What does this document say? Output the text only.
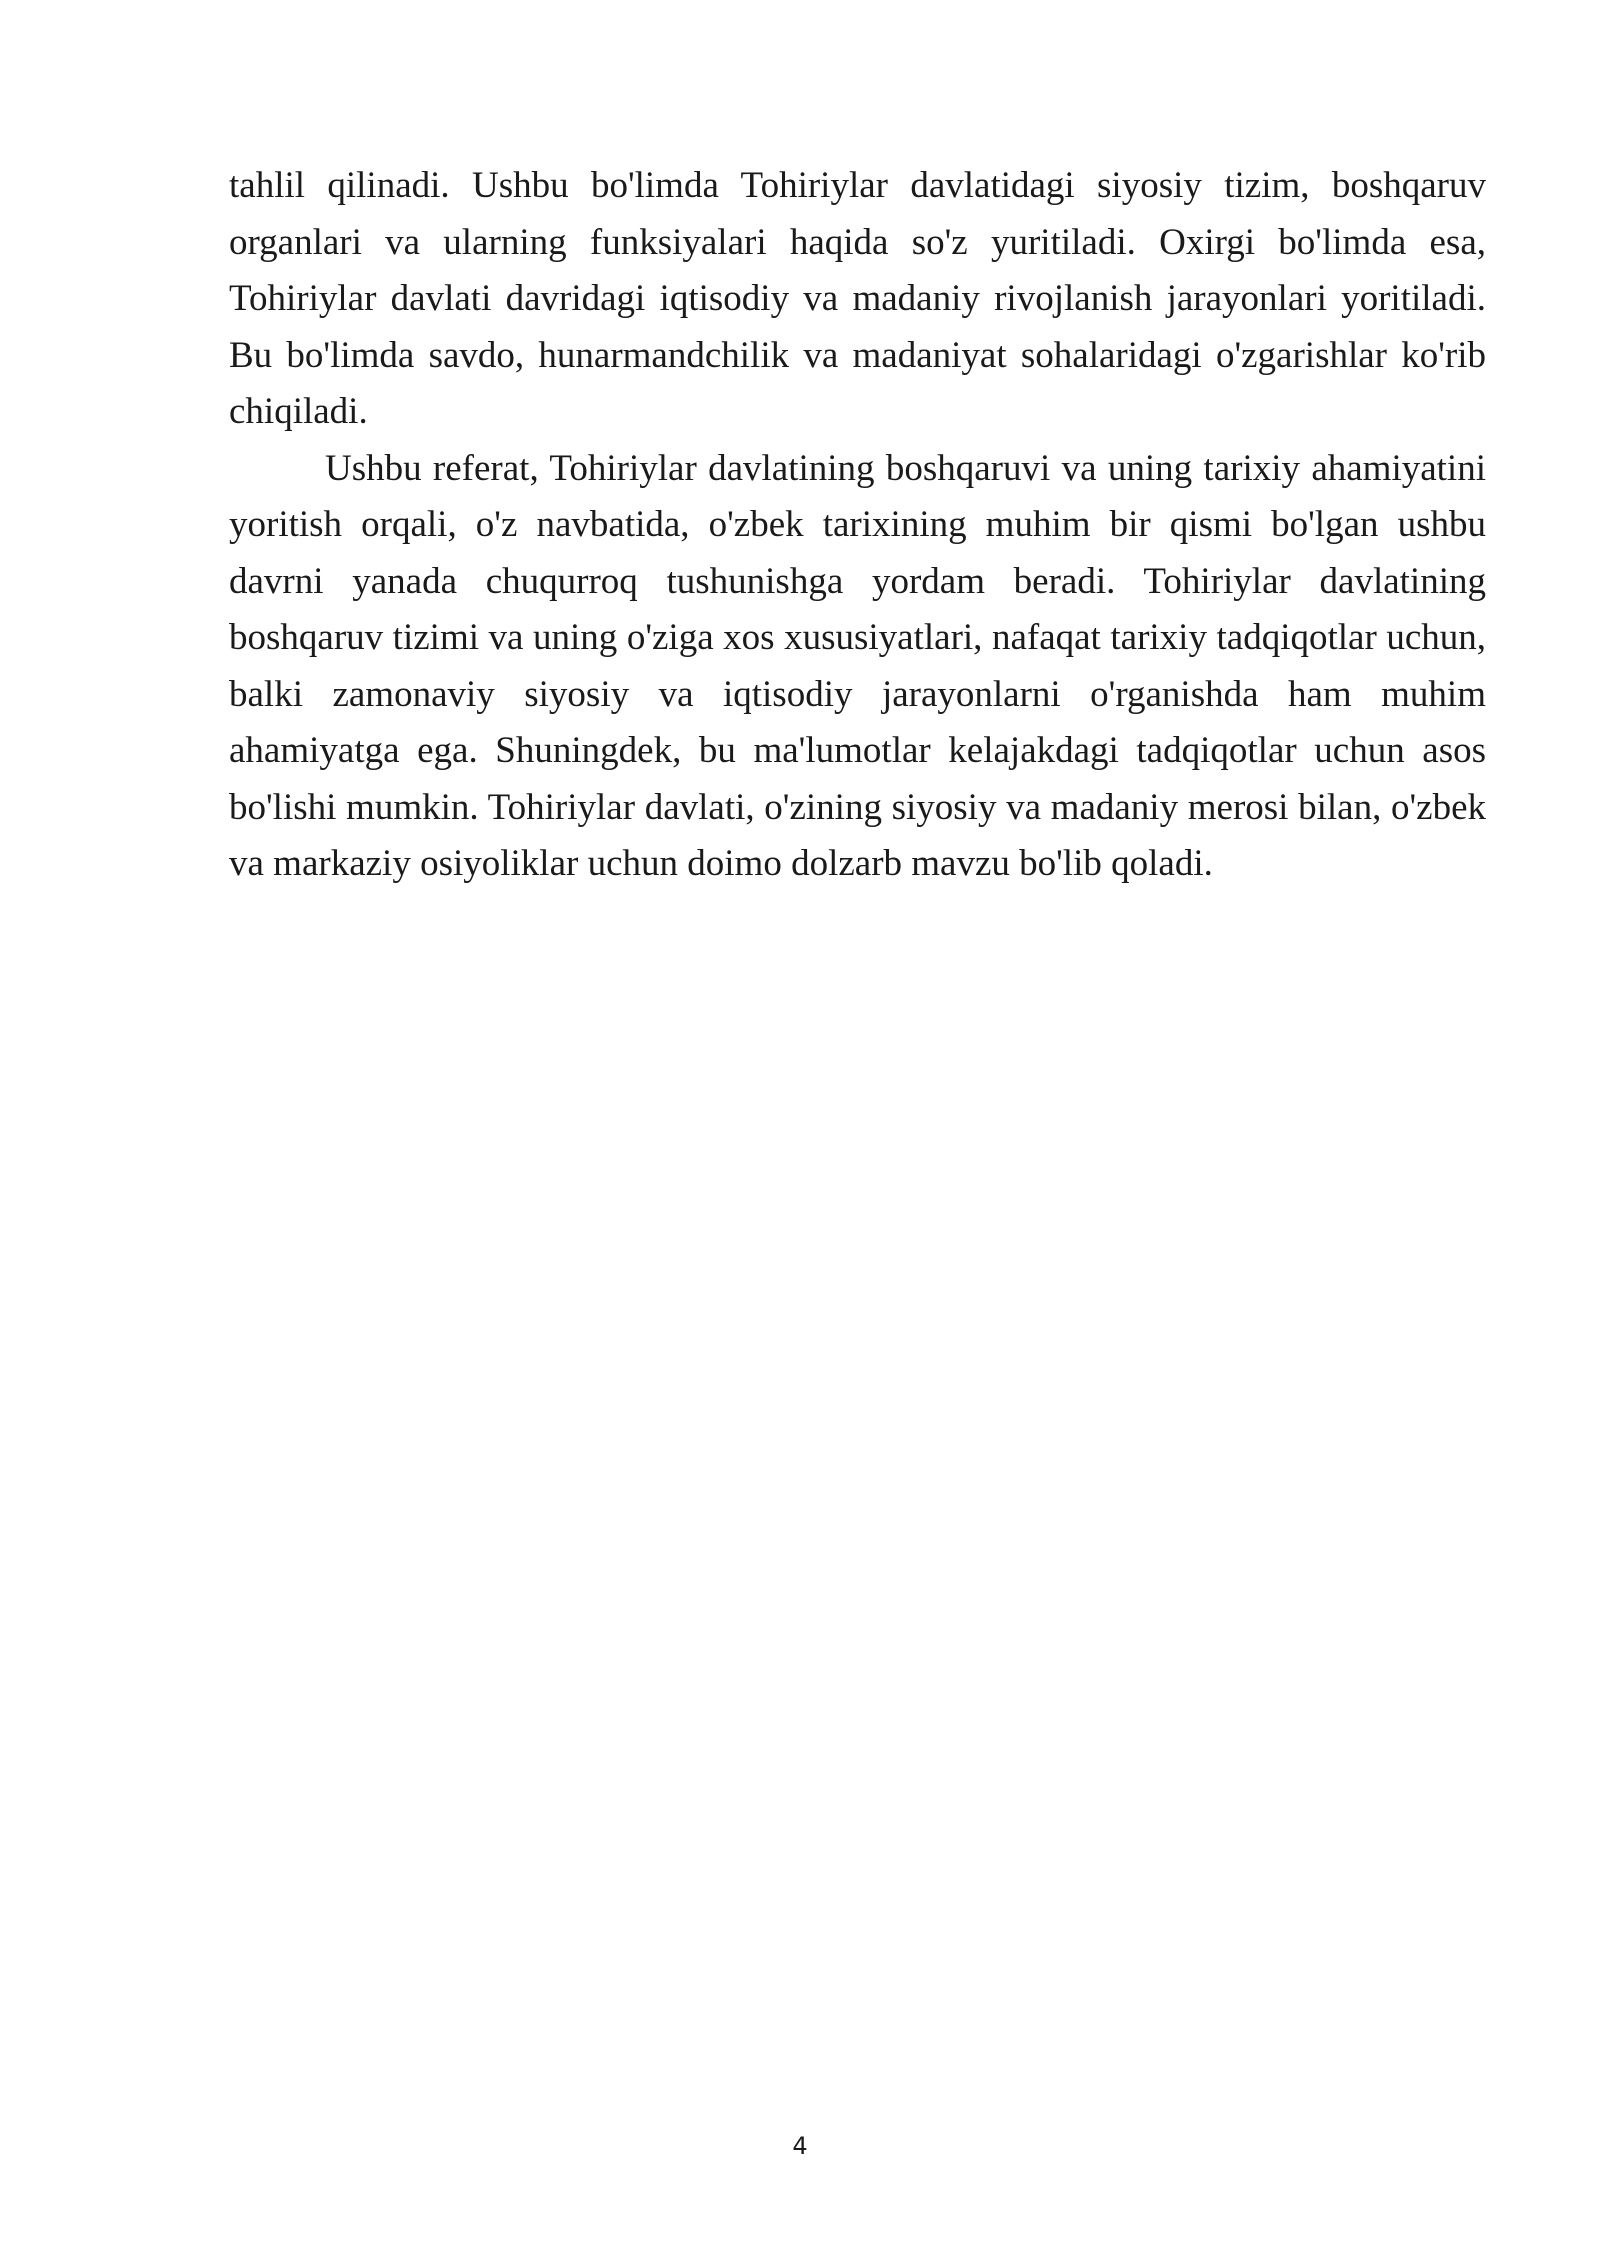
tahlil qilinadi. Ushbu bo'limda Tohiriylar davlatidagi siyosiy tizim, boshqaruv organlari va ularning funksiyalari haqida so'z yuritiladi. Oxirgi bo'limda esa, Tohiriylar davlati davridagi iqtisodiy va madaniy rivojlanish jarayonlari yoritiladi. Bu bo'limda savdo, hunarmandchilik va madaniyat sohalaridagi o'zgarishlar ko'rib chiqiladi.

Ushbu referat, Tohiriylar davlatining boshqaruvi va uning tarixiy ahamiyatini yoritish orqali, o'z navbatida, o'zbek tarixining muhim bir qismi bo'lgan ushbu davrni yanada chuqurroq tushunishga yordam beradi. Tohiriylar davlatining boshqaruv tizimi va uning o'ziga xos xususiyatlari, nafaqat tarixiy tadqiqotlar uchun, balki zamonaviy siyosiy va iqtisodiy jarayonlarni o'rganishda ham muhim ahamiyatga ega. Shuningdek, bu ma'lumotlar kelajakdagi tadqiqotlar uchun asos bo'lishi mumkin. Tohiriylar davlati, o'zining siyosiy va madaniy merosi bilan, o'zbek va markaziy osiyoliklar uchun doimo dolzarb mavzu bo'lib qoladi.

4
